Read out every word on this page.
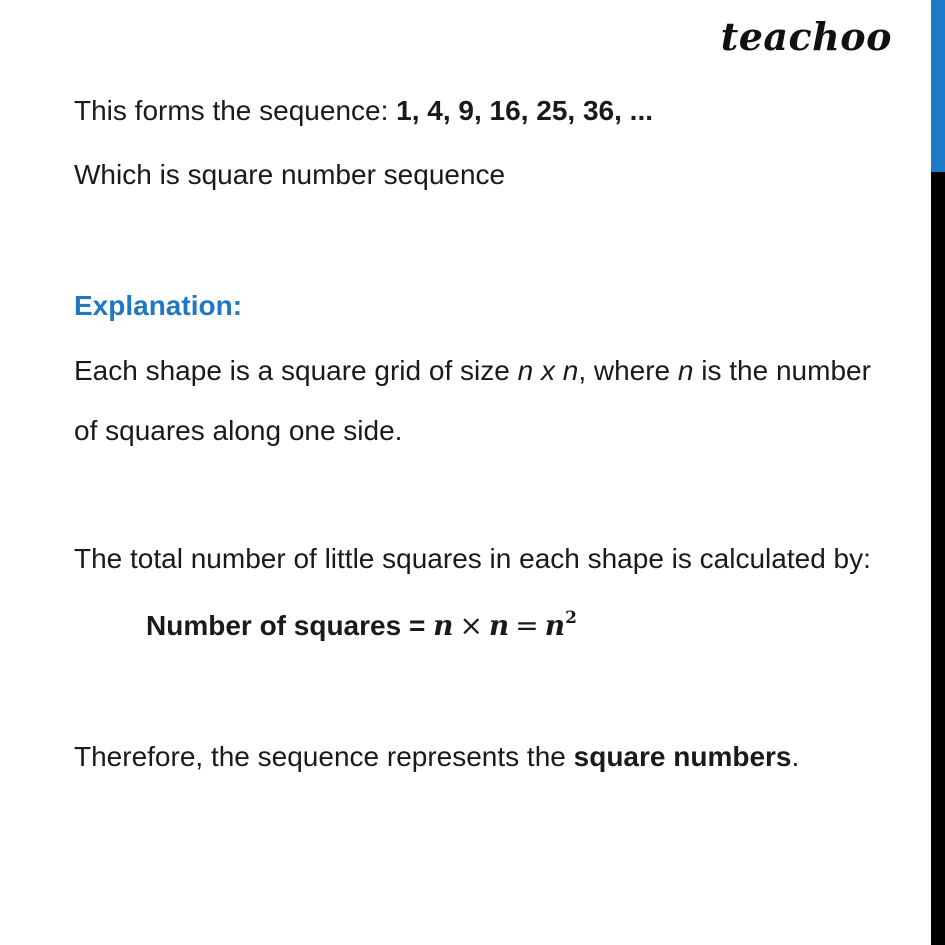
teachoo
This forms the sequence: 1, 4, 9, 16, 25, 36, ...
Which is square number sequence
Explanation:
Each shape is a square grid of size n x n, where n is the number
of squares along one side.
The total number of little squares in each shape is calculated by:
Number of squares = $n \times n = n^2$
Therefore, the sequence represents the square numbers.
